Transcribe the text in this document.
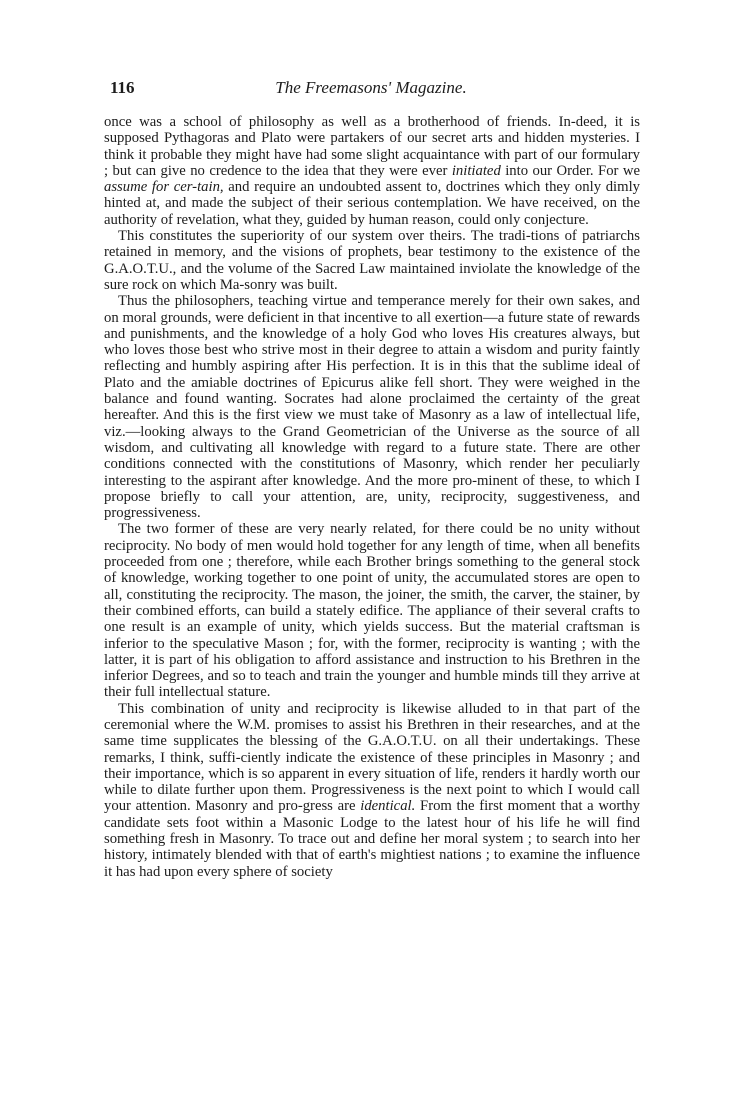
116	The Freemasons' Magazine.

once was a school of philosophy as well as a brotherhood of friends. In-deed, it is supposed Pythagoras and Plato were partakers of our secret arts and hidden mysteries. I think it probable they might have had some slight acquaintance with part of our formulary ; but can give no credence to the idea that they were ever initiated into our Order. For we assume for cer-tain, and require an undoubted assent to, doctrines which they only dimly hinted at, and made the subject of their serious contemplation. We have received, on the authority of revelation, what they, guided by human reason, could only conjecture.

This constitutes the superiority of our system over theirs. The tradi-tions of patriarchs retained in memory, and the visions of prophets, bear testimony to the existence of the G.A.O.T.U., and the volume of the Sacred Law maintained inviolate the knowledge of the sure rock on which Ma-sonry was built.

Thus the philosophers, teaching virtue and temperance merely for their own sakes, and on moral grounds, were deficient in that incentive to all exertion—a future state of rewards and punishments, and the knowledge of a holy God who loves His creatures always, but who loves those best who strive most in their degree to attain a wisdom and purity faintly reflecting and humbly aspiring after His perfection. It is in this that the sublime ideal of Plato and the amiable doctrines of Epicurus alike fell short. They were weighed in the balance and found wanting. Socrates had alone proclaimed the certainty of the great hereafter. And this is the first view we must take of Masonry as a law of intellectual life, viz.—looking always to the Grand Geometrician of the Universe as the source of all wisdom, and cultivating all knowledge with regard to a future state. There are other conditions connected with the constitutions of Masonry, which render her peculiarly interesting to the aspirant after knowledge. And the more pro-minent of these, to which I propose briefly to call your attention, are, unity, reciprocity, suggestiveness, and progressiveness.

The two former of these are very nearly related, for there could be no unity without reciprocity. No body of men would hold together for any length of time, when all benefits proceeded from one ; therefore, while each Brother brings something to the general stock of knowledge, working together to one point of unity, the accumulated stores are open to all, constituting the reciprocity. The mason, the joiner, the smith, the carver, the stainer, by their combined efforts, can build a stately edifice. The appliance of their several crafts to one result is an example of unity, which yields success. But the material craftsman is inferior to the speculative Mason ; for, with the former, reciprocity is wanting ; with the latter, it is part of his obligation to afford assistance and instruction to his Brethren in the inferior Degrees, and so to teach and train the younger and humble minds till they arrive at their full intellectual stature.

This combination of unity and reciprocity is likewise alluded to in that part of the ceremonial where the W.M. promises to assist his Brethren in their researches, and at the same time supplicates the blessing of the G.A.O.T.U. on all their undertakings. These remarks, I think, suffi-ciently indicate the existence of these principles in Masonry ; and their importance, which is so apparent in every situation of life, renders it hardly worth our while to dilate further upon them. Progressiveness is the next point to which I would call your attention. Masonry and pro-gress are identical. From the first moment that a worthy candidate sets foot within a Masonic Lodge to the latest hour of his life he will find something fresh in Masonry. To trace out and define her moral system ; to search into her history, intimately blended with that of earth's mightiest nations ; to examine the influence it has had upon every sphere of society
